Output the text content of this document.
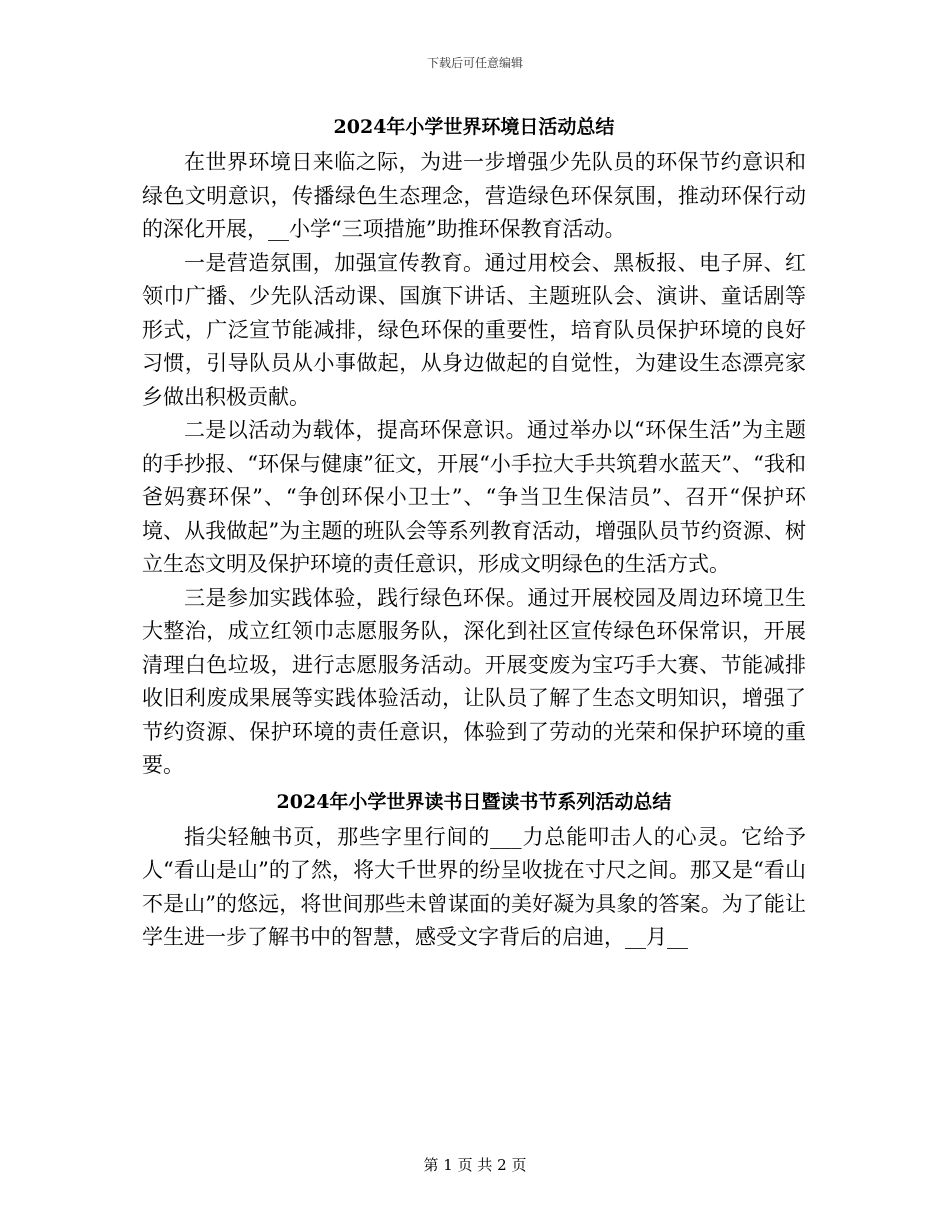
下载后可任意编辑
2024年小学世界环境日活动总结

在世界环境日来临之际，为进一步增强少先队员的环保节约意识和绿色文明意识，传播绿色生态理念，营造绿色环保氛围，推动环保行动的深化开展，__小学“三项措施”助推环保教育活动。

一是营造氛围，加强宣传教育。通过用校会、黑板报、电子屏、红领巾广播、少先队活动课、国旗下讲话、主题班队会、演讲、童话剧等形式，广泛宣节能减排，绿色环保的重要性，培育队员保护环境的良好习惯，引导队员从小事做起，从身边做起的自觉性，为建设生态漂亮家乡做出积极贡献。

二是以活动为载体，提高环保意识。通过举办以“环保生活”为主题的手抄报、“环保与健康”征文，开展“小手拉大手共筑碧水蓝天”、“我和爸妈赛环保”、“争创环保小卫士”、“争当卫生保洁员”、召开“保护环境、从我做起”为主题的班队会等系列教育活动，增强队员节约资源、树立生态文明及保护环境的责任意识，形成文明绿色的生活方式。

三是参加实践体验，践行绿色环保。通过开展校园及周边环境卫生大整治，成立红领巾志愿服务队，深化到社区宣传绿色环保常识，开展清理白色垃圾，进行志愿服务活动。开展变废为宝巧手大赛、节能减排收旧利废成果展等实践体验活动，让队员了解了生态文明知识，增强了节约资源、保护环境的责任意识，体验到了劳动的光荣和保护环境的重要。

2024年小学世界读书日暨读书节系列活动总结

指尖轻触书页，那些字里行间的___力总能叩击人的心灵。它给予人“看山是山”的了然，将大千世界的纷呈收拢在寸尺之间。那又是“看山不是山”的悠远，将世间那些未曾谋面的美好凝为具象的答案。为了能让学生进一步了解书中的智慧，感受文字背后的启迪，__月__

第 1 页 共 2 页
